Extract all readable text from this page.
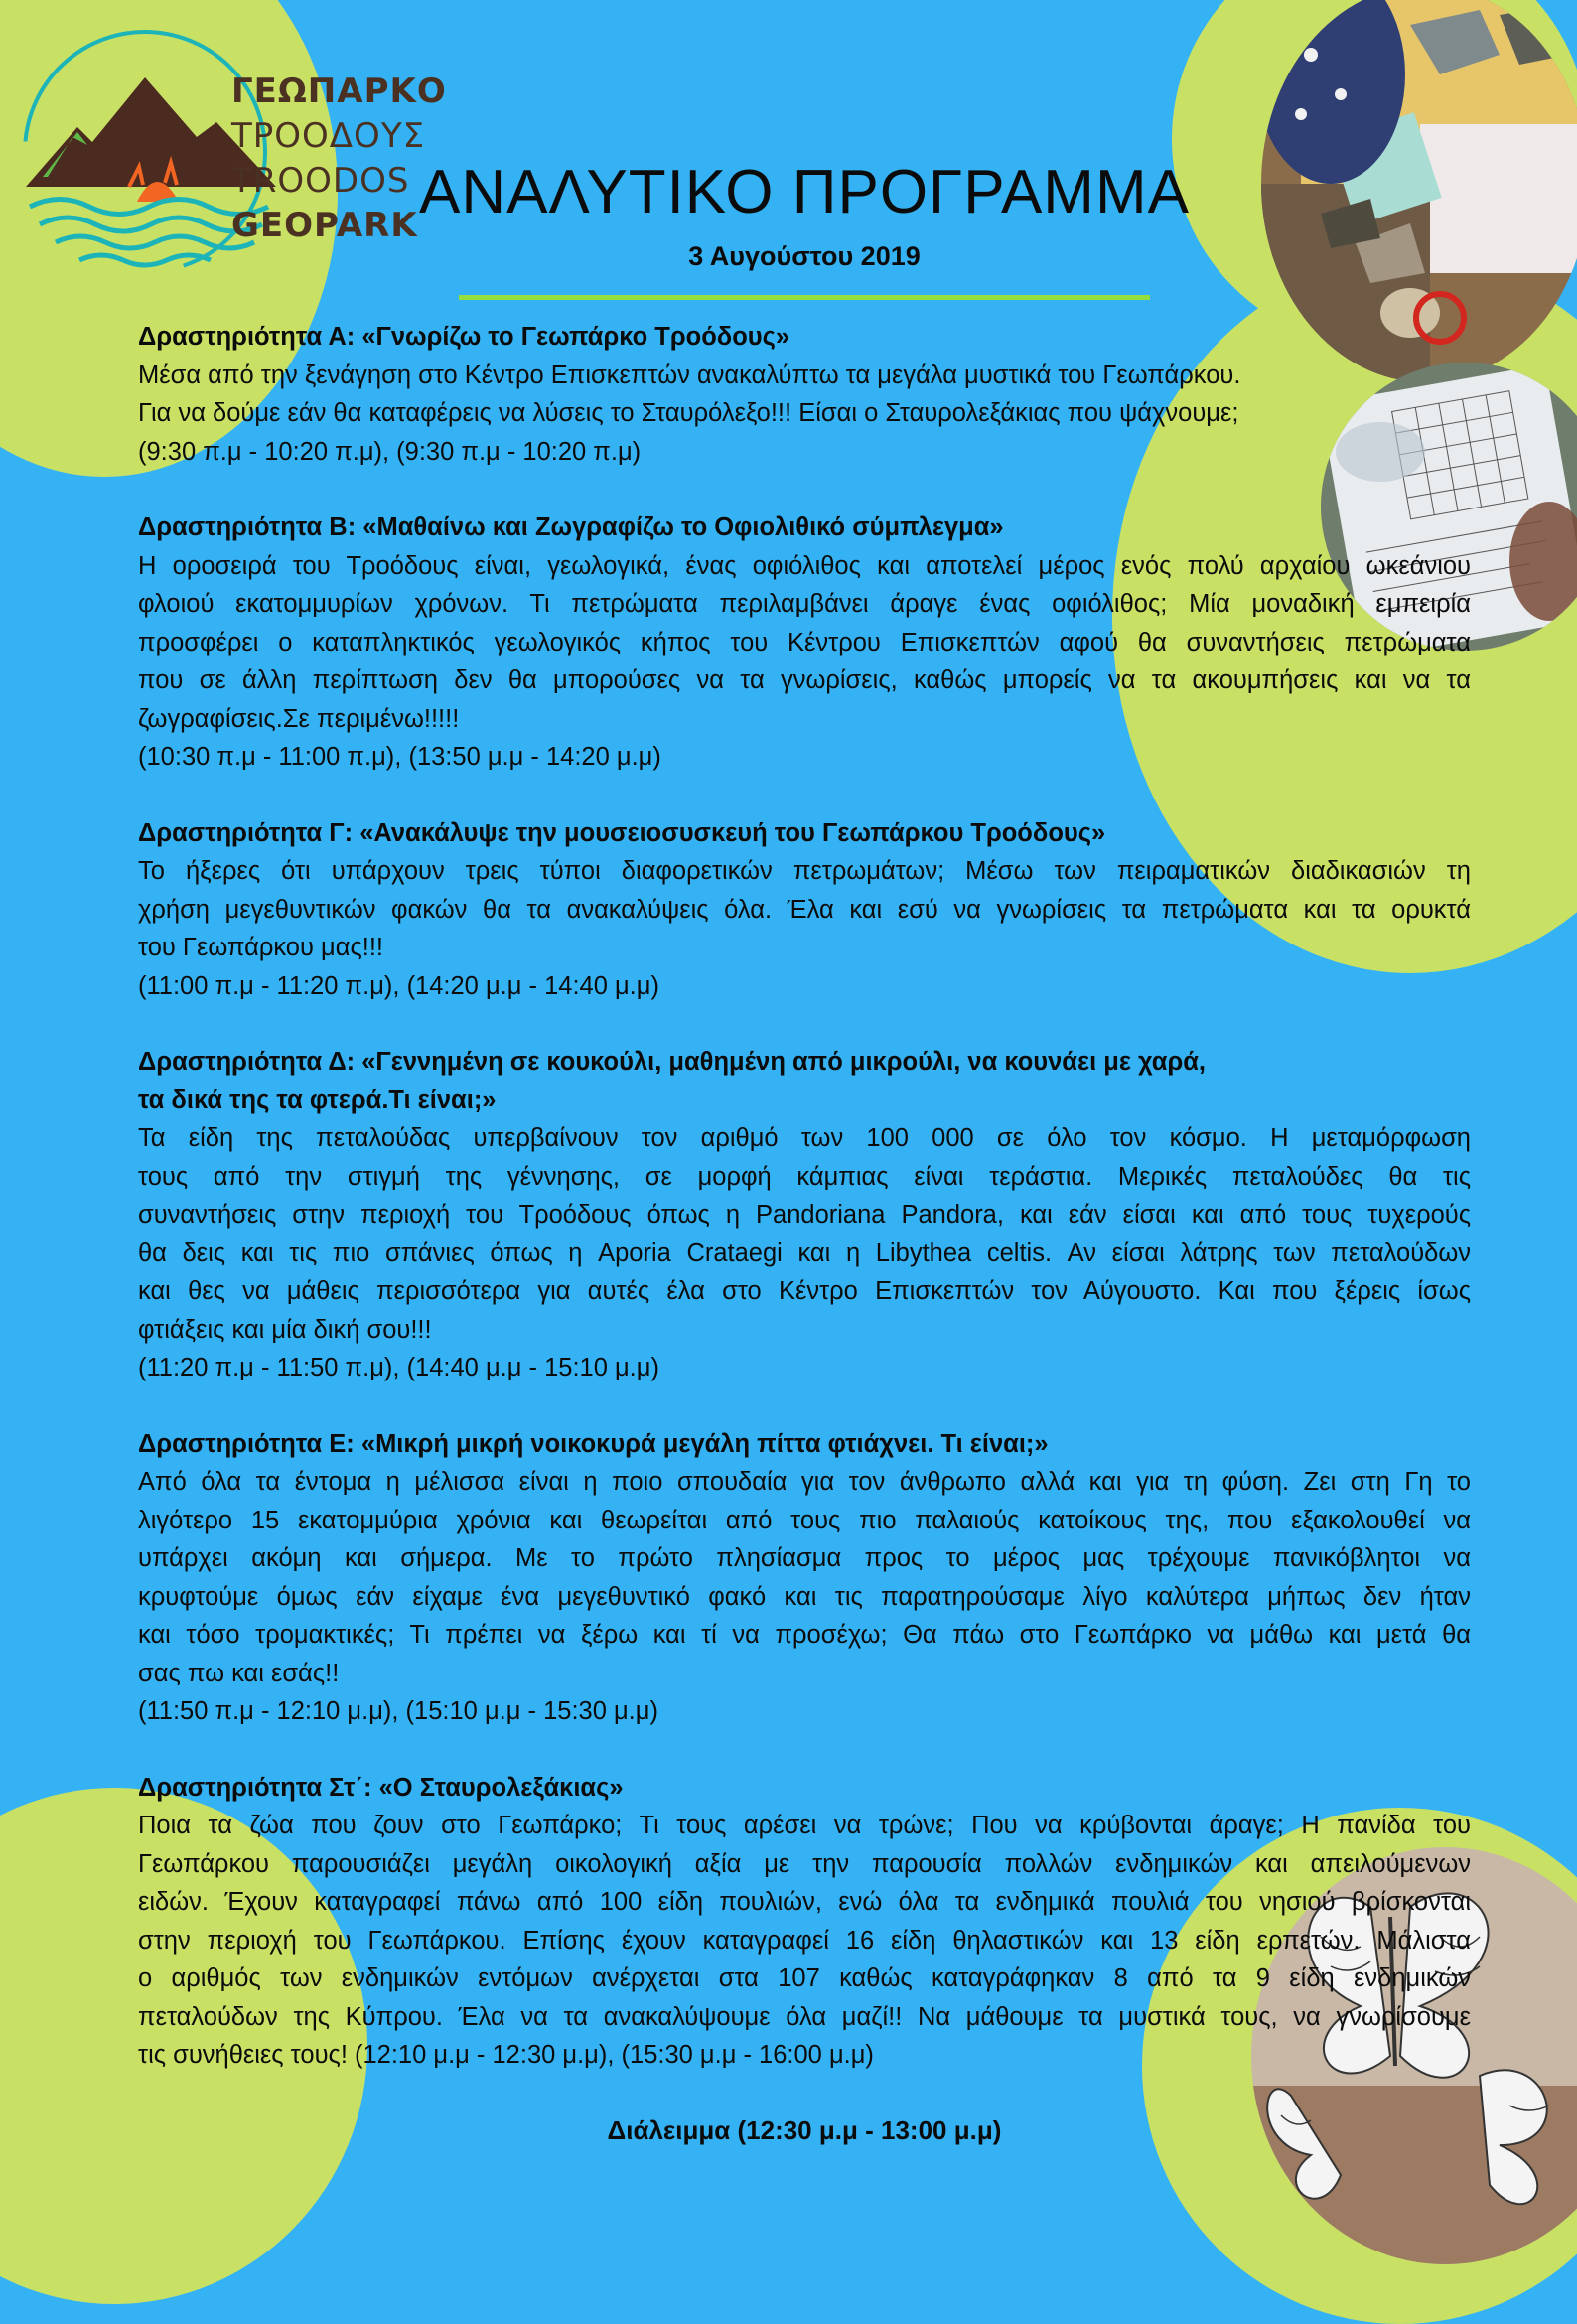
ΓΕΩΠΑΡΚΟ ΤΡΟΟΔΟΥΣ
TROODOS GEOPARK ΑΝΑΛΥΤΙΚΟ ΠΡΟΓΡΑΜΜΑ
3 Αυγούστου 2019
Δραστηριότητα Α: «Γνωρίζω το Γεωπάρκο Τροόδους»
Μέσα από την ξενάγηση στο Κέντρο Επισκεπτών ανακαλύπτω τα μεγάλα μυστικά του Γεωπάρκου.
Για να δούμε εάν θα καταφέρεις να λύσεις το Σταυρόλεξο!!! Είσαι ο Σταυρολεξάκιας που ψάχνουμε;
(9:30 π.μ - 10:20 π.μ), (9:30 π.μ - 10:20 π.μ)
Δραστηριότητα Β: «Μαθαίνω και Ζωγραφίζω το Οφιολιθικό σύμπλεγμα»
Η οροσειρά του Τροόδους είναι, γεωλογικά, ένας οφιόλιθος και αποτελεί μέρος ενός πολύ αρχαίου ωκεάνιου
φλοιού εκατομμυρίων χρόνων. Τι πετρώματα περιλαμβάνει άραγε ένας οφιόλιθος; Μία μοναδική εμπειρία
προσφέρει ο καταπληκτικός γεωλογικός κήπος του Κέντρου Επισκεπτών αφού θα συναντήσεις πετρώματα
που σε άλλη περίπτωση δεν θα μπορούσες να τα γνωρίσεις, καθώς μπορείς να τα ακουμπήσεις και να τα
ζωγραφίσεις.Σε περιμένω!!!!!
(10:30 π.μ - 11:00 π.μ), (13:50 μ.μ - 14:20 μ.μ)
Δραστηριότητα Γ: «Ανακάλυψε την μουσειοσυσκευή του Γεωπάρκου Τροόδους»
Το ήξερες ότι υπάρχουν τρεις τύποι διαφορετικών πετρωμάτων; Μέσω των πειραματικών διαδικασιών τη
χρήση μεγεθυντικών φακών θα τα ανακαλύψεις όλα. Έλα και εσύ να γνωρίσεις τα πετρώματα και τα ορυκτά
του Γεωπάρκου μας!!!
(11:00 π.μ - 11:20 π.μ), (14:20 μ.μ - 14:40 μ.μ)
Δραστηριότητα Δ: «Γεννημένη σε κουκούλι, μαθημένη από μικρούλι, να κουνάει με χαρά,
τα δικά της τα φτερά.Τι είναι;»
Τα είδη της πεταλούδας υπερβαίνουν τον αριθμό των 100 000 σε όλο τον κόσμο. Η μεταμόρφωση
τους από την στιγμή της γέννησης, σε μορφή κάμπιας είναι τεράστια. Μερικές πεταλούδες θα τις
συναντήσεις στην περιοχή του Τροόδους όπως η Pandoriana Pandora, και εάν είσαι και από τους τυχερούς
θα δεις και τις πιο σπάνιες όπως η Aporia Crataegi και η Libythea celtis. Αν είσαι λάτρης των πεταλούδων
και θες να μάθεις περισσότερα για αυτές έλα στο Κέντρο Επισκεπτών τον Αύγουστο. Και που ξέρεις ίσως
φτιάξεις και μία δική σου!!!
(11:20 π.μ - 11:50 π.μ), (14:40 μ.μ - 15:10 μ.μ)
Δραστηριότητα Ε: «Μικρή μικρή νοικοκυρά μεγάλη πίττα φτιάχνει. Τι είναι;»
Από όλα τα έντομα η μέλισσα είναι η ποιο σπουδαία για τον άνθρωπο αλλά και για τη φύση. Ζει στη Γη το
λιγότερο 15 εκατομμύρια χρόνια και θεωρείται από τους πιο παλαιούς κατοίκους της, που εξακολουθεί να
υπάρχει ακόμη και σήμερα. Με το πρώτο πλησίασμα προς το μέρος μας τρέχουμε πανικόβλητοι να
κρυφτούμε όμως εάν είχαμε ένα μεγεθυντικό φακό και τις παρατηρούσαμε λίγο καλύτερα μήπως δεν ήταν
και τόσο τρομακτικές; Τι πρέπει να ξέρω και τί να προσέχω; Θα πάω στο Γεωπάρκο να μάθω και μετά θα
σας πω και εσάς!!
(11:50 π.μ - 12:10 μ.μ), (15:10 μ.μ - 15:30 μ.μ)
Δραστηριότητα Στ΄: «Ο Σταυρολεξάκιας»
Ποια τα ζώα που ζουν στο Γεωπάρκο; Τι τους αρέσει να τρώνε; Που να κρύβονται άραγε; Η πανίδα του
Γεωπάρκου παρουσιάζει μεγάλη οικολογική αξία με την παρουσία πολλών ενδημικών και απειλούμενων
ειδών. Έχουν καταγραφεί πάνω από 100 είδη πουλιών, ενώ όλα τα ενδημικά πουλιά του νησιού βρίσκονται
στην περιοχή του Γεωπάρκου. Επίσης έχουν καταγραφεί 16 είδη θηλαστικών και 13 είδη ερπετών. Μάλιστα
ο αριθμός των ενδημικών εντόμων ανέρχεται στα 107 καθώς καταγράφηκαν 8 από τα 9 είδη ενδημικών
πεταλούδων της Κύπρου. Έλα να τα ανακαλύψουμε όλα μαζί!! Να μάθουμε τα μυστικά τους, να γνωρίσουμε
τις συνήθειες τους! (12:10 μ.μ - 12:30 μ.μ), (15:30 μ.μ - 16:00 μ.μ)
Διάλειμμα (12:30 μ.μ - 13:00 μ.μ)
